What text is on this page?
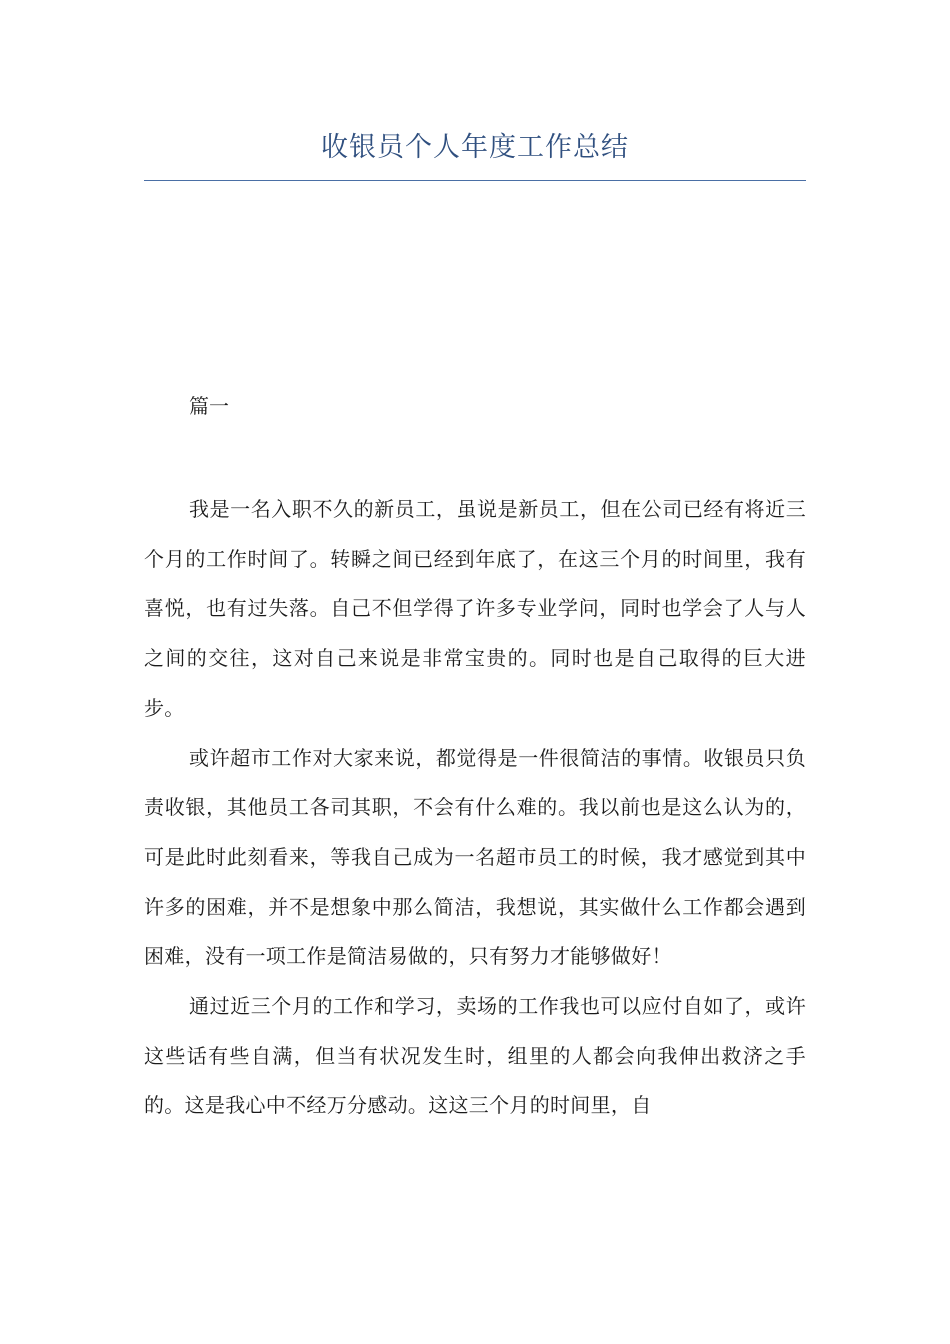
收银员个人年度工作总结
篇一

我是一名入职不久的新员工，虽说是新员工，但在公司已经有将近三个月的工作时间了。转瞬之间已经到年底了，在这三个月的时间里，我有喜悦，也有过失落。自己不但学得了许多专业学问，同时也学会了人与人之间的交往，这对自己来说是非常宝贵的。同时也是自己取得的巨大进步。

或许超市工作对大家来说，都觉得是一件很简洁的事情。收银员只负责收银，其他员工各司其职，不会有什么难的。我以前也是这么认为的，可是此时此刻看来，等我自己成为一名超市员工的时候，我才感觉到其中许多的困难，并不是想象中那么简洁，我想说，其实做什么工作都会遇到困难，没有一项工作是简洁易做的，只有努力才能够做好！

通过近三个月的工作和学习，卖场的工作我也可以应付自如了，或许这些话有些自满，但当有状况发生时，组里的人都会向我伸出救济之手的。这是我心中不经万分感动。这这三个月的时间里，自
